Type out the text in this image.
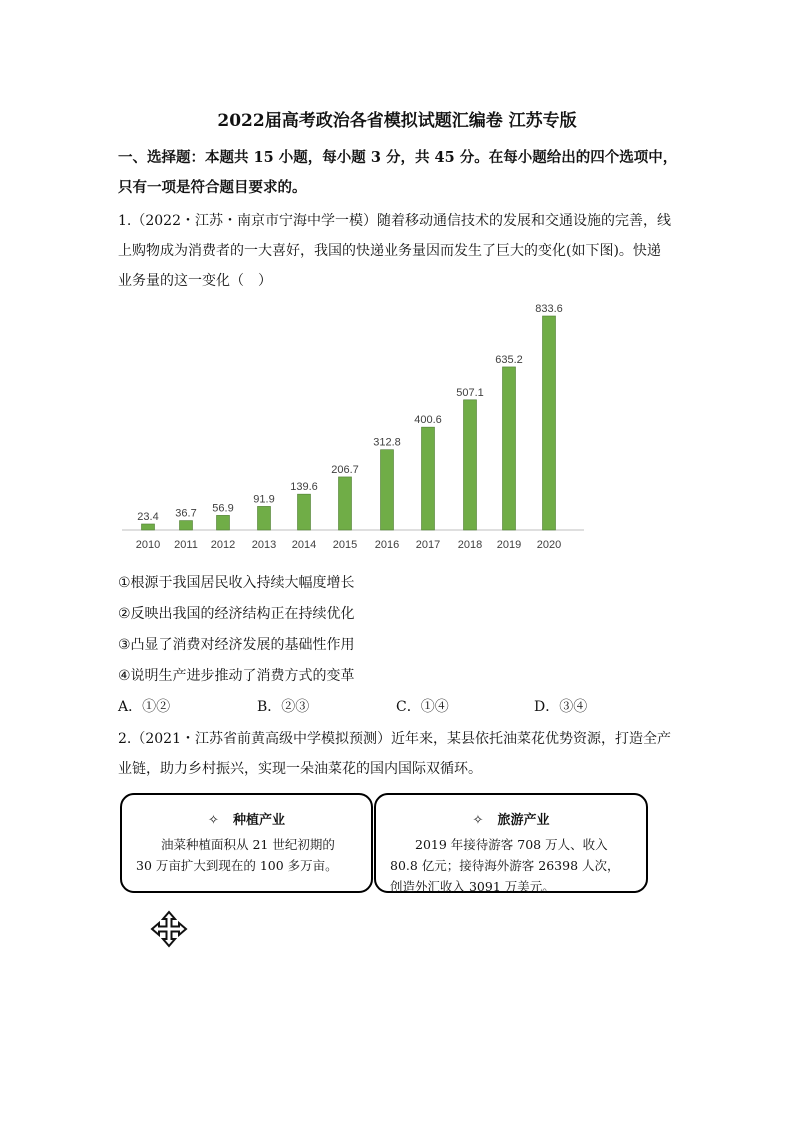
2022届高考政治各省模拟试题汇编卷 江苏专版
一、选择题：本题共 15 小题，每小题 3 分，共 45 分。在每小题给出的四个选项中，
只有一项是符合题目要求的。
1.（2022・江苏・南京市宁海中学一模）随着移动通信技术的发展和交通设施的完善，线
上购物成为消费者的一大喜好，我国的快递业务量因而发生了巨大的变化(如下图)。快递
业务量的这一变化（　）
23.4
2010
36.7
2011
56.9
2012
91.9
2013
139.6
2014
206.7
2015
312.8
2016
400.6
2017
507.1
2018
635.2
2019
833.6
2020
①根源于我国居民收入持续大幅度增长
②反映出我国的经济结构正在持续优化
③凸显了消费对经济发展的基础性作用
④说明生产进步推动了消费方式的变革
A．①②	B．②③	C．①④	D．③④
2.（2021・江苏省前黄高级中学模拟预测）近年来，某县依托油菜花优势资源，打造全产
业链，助力乡村振兴，实现一朵油菜花的国内国际双循环。
✧ 种植产业
油菜种植面积从 21 世纪初期的
30 万亩扩大到现在的 100 多万亩。
✧ 旅游产业
2019 年接待游客 708 万人、收入
80.8 亿元；接待海外游客 26398 人次，
创造外汇收入 3091 万美元。
